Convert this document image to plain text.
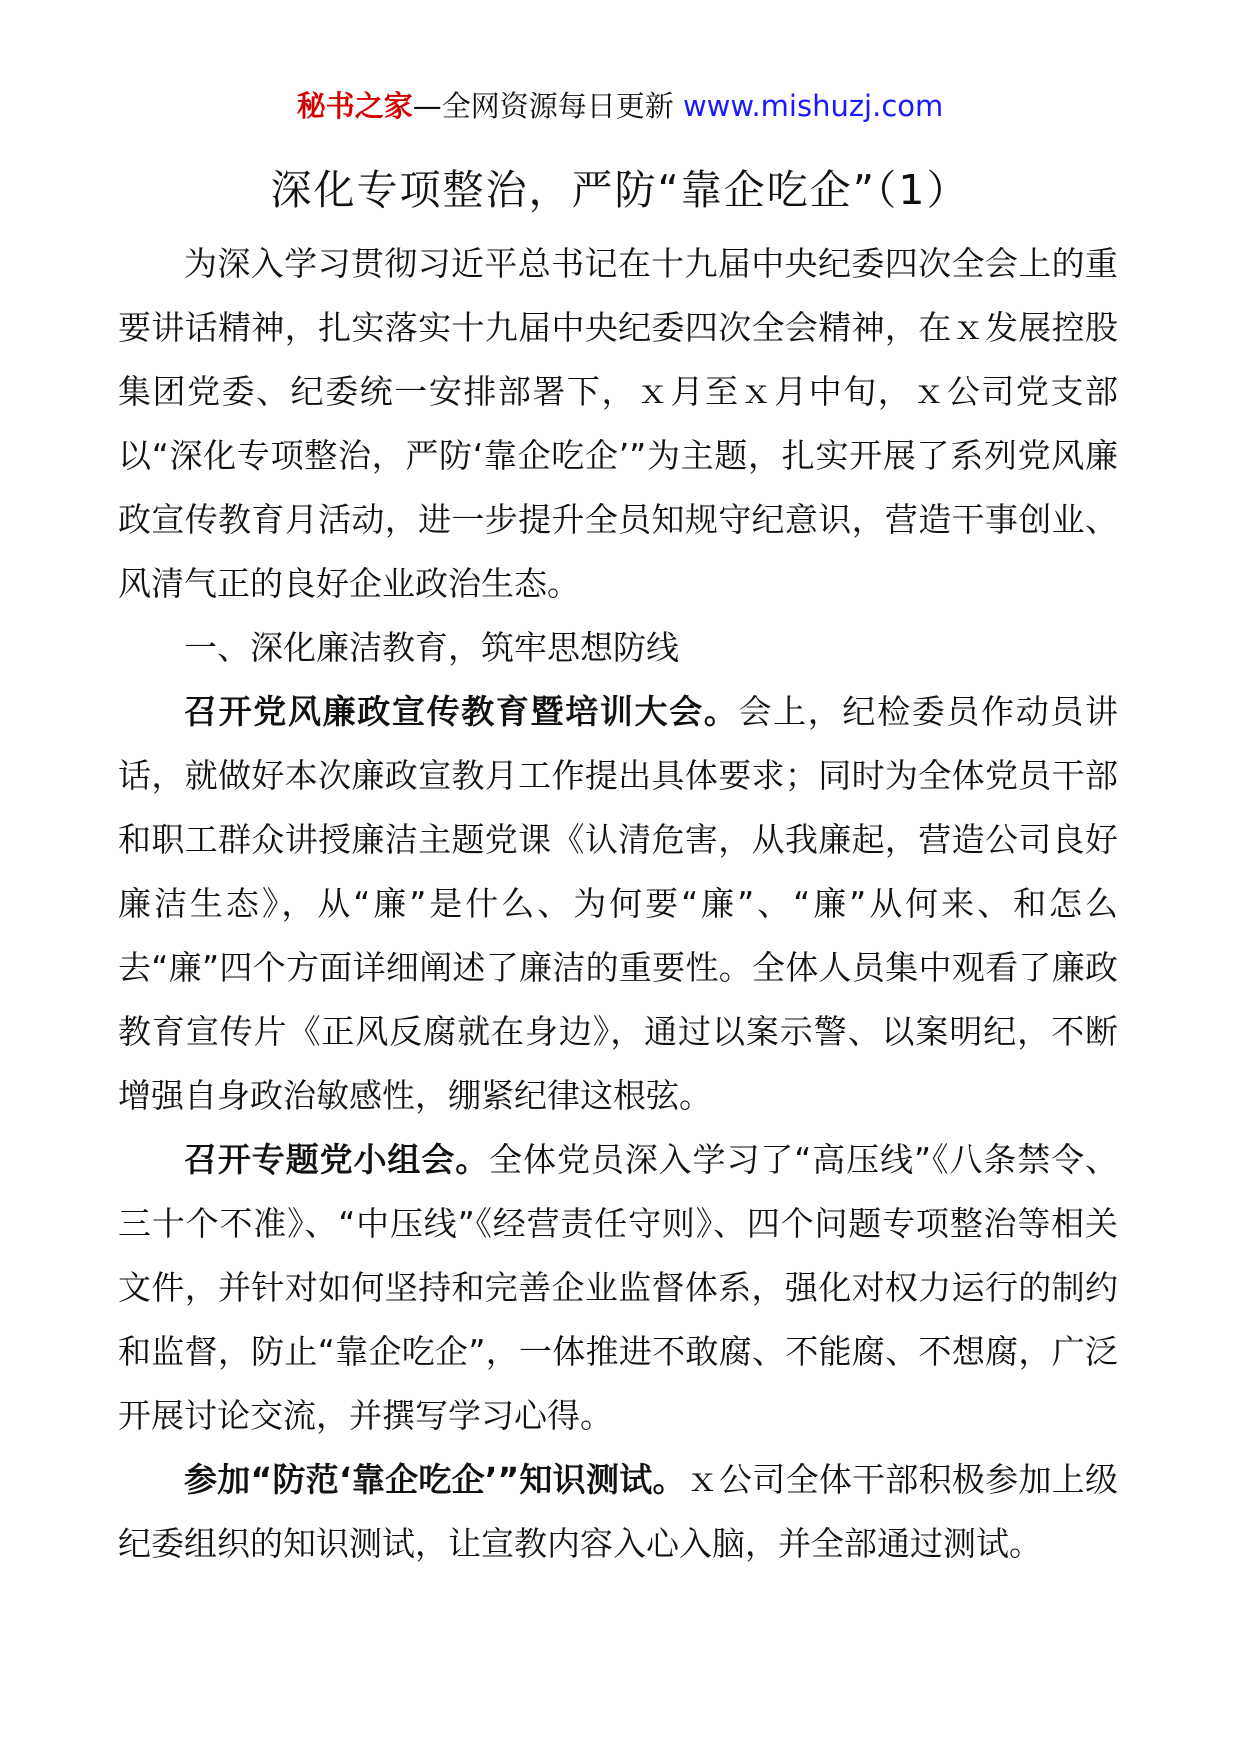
秘书之家—全网资源每日更新 www.mishuzj.com
深化专项整治，严防“靠企吃企”（1）

为深入学习贯彻习近平总书记在十九届中央纪委四次全会上的重要讲话精神，扎实落实十九届中央纪委四次全会精神，在ｘ发展控股集团党委、纪委统一安排部署下，ｘ月至ｘ月中旬，ｘ公司党支部以“深化专项整治，严防‘靠企吃企’”为主题，扎实开展了系列党风廉政宣传教育月活动，进一步提升全员知规守纪意识，营造干事创业、风清气正的良好企业政治生态。

一、深化廉洁教育，筑牢思想防线

召开党风廉政宣传教育暨培训大会。会上，纪检委员作动员讲话，就做好本次廉政宣教月工作提出具体要求；同时为全体党员干部和职工群众讲授廉洁主题党课《认清危害，从我廉起，营造公司良好廉洁生态》，从“廉”是什么、为何要“廉”、“廉”从何来、和怎么去“廉”四个方面详细阐述了廉洁的重要性。全体人员集中观看了廉政教育宣传片《正风反腐就在身边》，通过以案示警、以案明纪，不断增强自身政治敏感性，绷紧纪律这根弦。

召开专题党小组会。全体党员深入学习了“高压线”《八条禁令、三十个不准》、“中压线”《经营责任守则》、四个问题专项整治等相关文件，并针对如何坚持和完善企业监督体系，强化对权力运行的制约和监督，防止“靠企吃企”，一体推进不敢腐、不能腐、不想腐，广泛开展讨论交流，并撰写学习心得。

参加“防范‘靠企吃企’”知识测试。ｘ公司全体干部积极参加上级纪委组织的知识测试，让宣教内容入心入脑，并全部通过测试。
